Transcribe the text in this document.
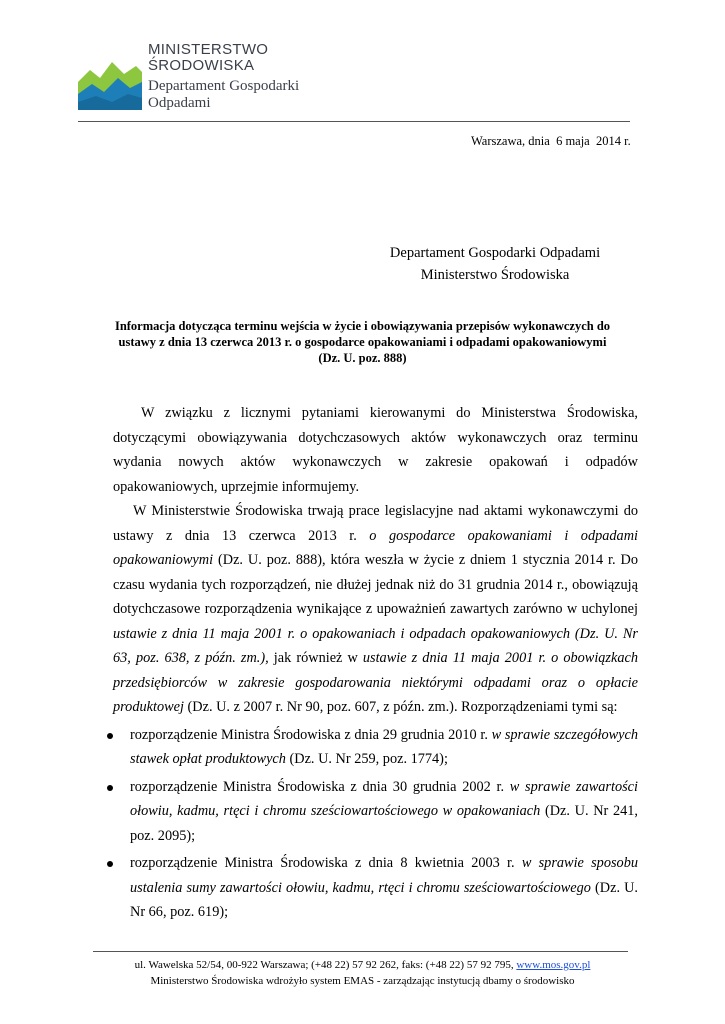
MINISTERSTWO
ŚRODOWISKA
Departament Gospodarki
Odpadami
Warszawa, dnia  6 maja  2014 r.
Departament Gospodarki Odpadami
Ministerstwo Środowiska
Informacja dotycząca terminu wejścia w życie i obowiązywania przepisów wykonawczych do
ustawy z dnia 13 czerwca 2013 r. o gospodarce opakowaniami i odpadami opakowaniowymi
(Dz. U. poz. 888)

W związku z licznymi pytaniami kierowanymi do Ministerstwa Środowiska, dotyczącymi obowiązywania dotychczasowych aktów wykonawczych oraz terminu wydania nowych aktów wykonawczych w zakresie opakowań i odpadów opakowaniowych, uprzejmie informujemy.

W Ministerstwie Środowiska trwają prace legislacyjne nad aktami wykonawczymi do ustawy z dnia 13 czerwca 2013 r. o gospodarce opakowaniami i odpadami opakowaniowymi (Dz. U. poz. 888), która weszła w życie z dniem 1 stycznia 2014 r. Do czasu wydania tych rozporządzeń, nie dłużej jednak niż do 31 grudnia 2014 r., obowiązują dotychczasowe rozporządzenia wynikające z upoważnień zawartych zarówno w uchylonej ustawie z dnia 11 maja 2001 r. o opakowaniach i odpadach opakowaniowych (Dz. U. Nr 63, poz. 638, z późn. zm.), jak również w ustawie z dnia 11 maja 2001 r. o obowiązkach przedsiębiorców w zakresie gospodarowania niektórymi odpadami oraz o opłacie produktowej (Dz. U. z 2007 r. Nr 90, poz. 607, z późn. zm.). Rozporządzeniami tymi są:

rozporządzenie Ministra Środowiska z dnia 29 grudnia 2010 r. w sprawie szczegółowych stawek opłat produktowych (Dz. U. Nr 259, poz. 1774);
rozporządzenie Ministra Środowiska z dnia 30 grudnia 2002 r. w sprawie zawartości ołowiu, kadmu, rtęci i chromu sześciowartościowego w opakowaniach (Dz. U. Nr 241, poz. 2095);
rozporządzenie Ministra Środowiska z dnia 8 kwietnia 2003 r. w sprawie sposobu ustalenia sumy zawartości ołowiu, kadmu, rtęci i chromu sześciowartościowego (Dz. U. Nr 66, poz. 619);
ul. Wawelska 52/54, 00-922 Warszawa; (+48 22) 57 92 262, faks: (+48 22) 57 92 795, www.mos.gov.pl
Ministerstwo Środowiska wdrożyło system EMAS - zarządzając instytucją dbamy o środowisko
